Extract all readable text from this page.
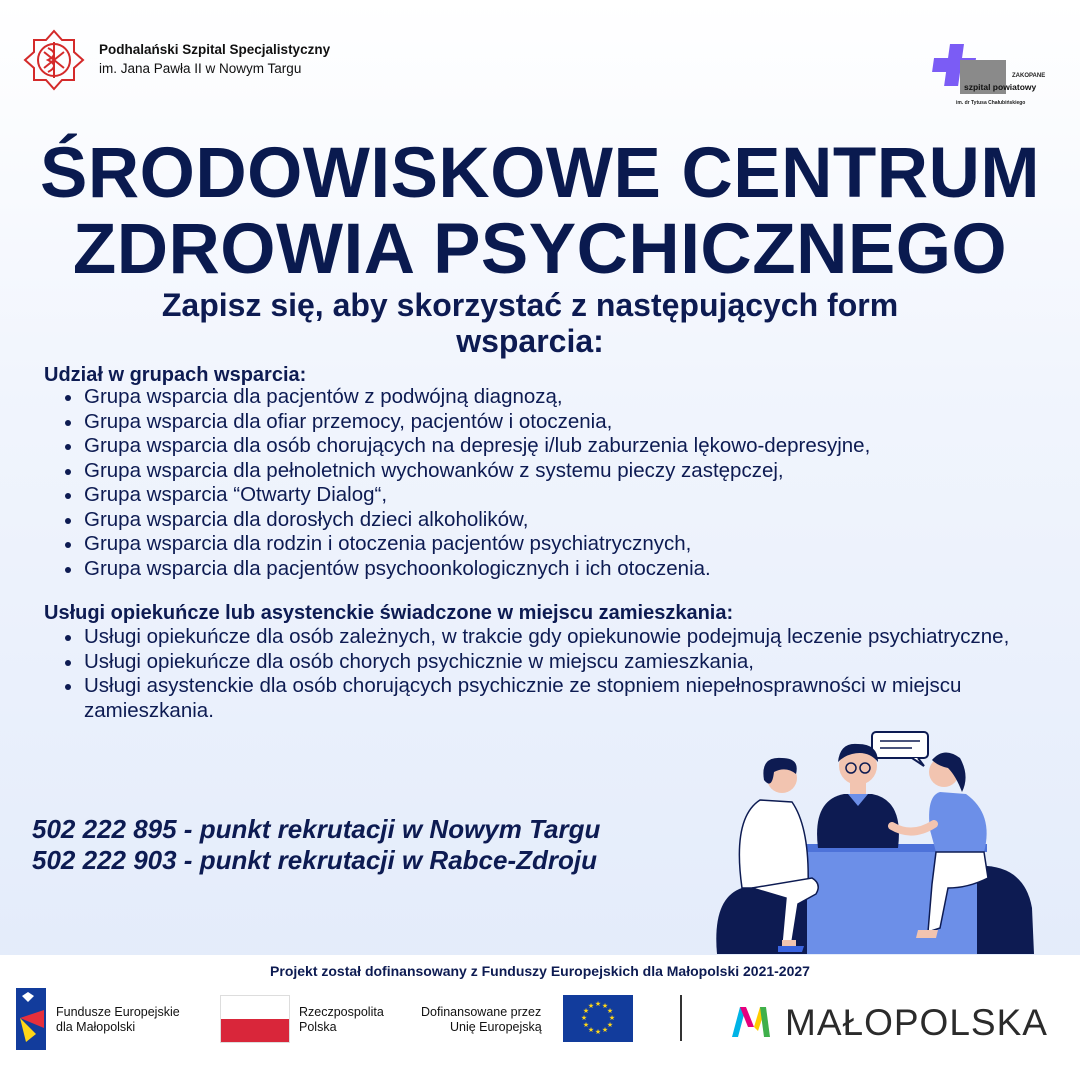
Podhalański Szpital Specjalistyczny
im. Jana Pawła II w Nowym Targu	ZAKOPANE
szpital powiatowy
im. dr Tytusa Chałubińskiego
ŚRODOWISKOWE CENTRUM
ZDROWIA PSYCHICZNEGO
Zapisz się, aby skorzystać z następujących form
wsparcia:
Udział w grupach wsparcia:
Grupa wsparcia dla pacjentów z podwójną diagnozą,
Grupa wsparcia dla ofiar przemocy, pacjentów i otoczenia,
Grupa wsparcia dla osób chorujących na depresję i/lub zaburzenia lękowo-depresyjne,
Grupa wsparcia dla pełnoletnich wychowanków z systemu pieczy zastępczej,
Grupa wsparcia “Otwarty Dialog“,
Grupa wsparcia dla dorosłych dzieci alkoholików,
Grupa wsparcia dla rodzin i otoczenia pacjentów psychiatrycznych,
Grupa wsparcia dla pacjentów psychoonkologicznych i ich otoczenia.
Usługi opiekuńcze lub asystenckie świadczone w miejscu zamieszkania:
Usługi opiekuńcze dla osób zależnych, w trakcie gdy opiekunowie podejmują leczenie psychiatryczne,
Usługi opiekuńcze dla osób chorych psychicznie w miejscu zamieszkania,
Usługi asystenckie dla osób chorujących psychicznie ze stopniem niepełnosprawności w miejscu zamieszkania.
502 222 895 - punkt rekrutacji w Nowym Targu
502 222 903 - punkt rekrutacji w Rabce-Zdroju
Projekt został dofinansowany z Funduszy Europejskich dla Małopolski 2021-2027
Fundusze Europejskie
dla Małopolski
Rzeczpospolita
Polska
Dofinansowane przez
Unię Europejską
★ ★
★
★
★
★
★
★
★
★
★
★	MAŁOPOLSKA
